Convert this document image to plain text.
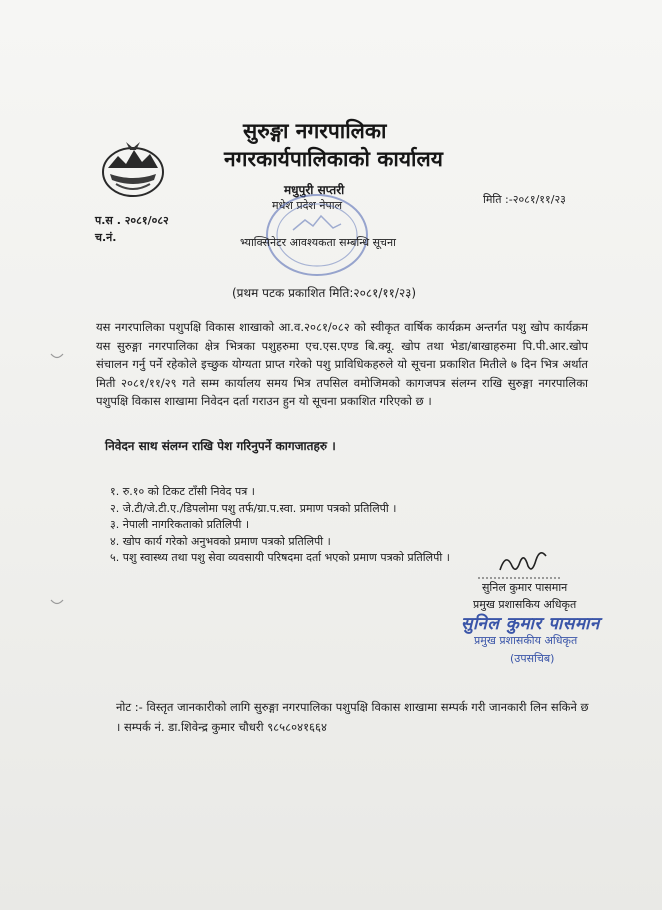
सुरुङ्गा नगरपालिका
नगरकार्यपालिकाको कार्यालय
मधुपुरी सप्तरी
मधेश प्रदेश नेपाल	मिति :-२०८१/११/२३
प.स . २०८१/०८२
च.नं.	भ्याक्सिनेटर आवश्यकता सम्बन्धि सूचना
(प्रथम पटक प्रकाशित मिति:२०८१/११/२३)
यस नगरपालिका पशुपक्षि विकास शाखाको आ.व.२०८१/०८२ को स्वीकृत वार्षिक कार्यक्रम अन्तर्गत पशु खोप कार्यक्रम यस सुरुङ्गा नगरपालिका क्षेत्र भित्रका पशुहरुमा एच.एस.एण्ड बि.क्यू. खोप तथा भेडा/बाखाहरुमा पि.पी.आर.खोप संचालन गर्नु पर्ने रहेकोले इच्छुक योग्यता प्राप्त गरेको पशु प्राविधिकहरुले यो सूचना प्रकाशित मितीले ७ दिन भित्र अर्थात मिती २०८१/११/२९ गते सम्म कार्यालय समय भित्र तपसिल वमोजिमको कागजपत्र संलग्न राखि सुरुङ्गा नगरपालिका पशुपक्षि विकास शाखामा निवेदन दर्ता गराउन हुन यो सूचना प्रकाशित गरिएको छ ।
निवेदन साथ संलग्न राखि पेश गरिनुपर्ने कागजातहरु ।
१. रु.१० को टिकट टाँसी निवेद पत्र ।
२. जे.टी/जे.टी.ए./डिपलोमा पशु तर्फ/ग्रा.प.स्वा. प्रमाण पत्रको प्रतिलिपी ।
३. नेपाली नागरिकताको प्रतिलिपी ।
४. खोप कार्य गरेको अनुभवको प्रमाण पत्रको प्रतिलिपी ।
५. पशु स्वास्थ्य तथा पशु सेवा व्यवसायी परिषदमा दर्ता भएको प्रमाण पत्रको प्रतिलिपी ।
सुनिल कुमार पासमान
प्रमुख प्रशासकिय अधिकृत
सुनिल कुमार पासमान
प्रमुख प्रशासकीय अधिकृत
(उपसचिब)
नोट :- विस्तृत जानकारीको लागि सुरुङ्गा नगरपालिका पशुपक्षि विकास शाखामा सम्पर्क गरी जानकारी लिन सकिने छ । सम्पर्क नं. डा.शिवेन्द्र कुमार चौधरी ९८५८०४१६६४
